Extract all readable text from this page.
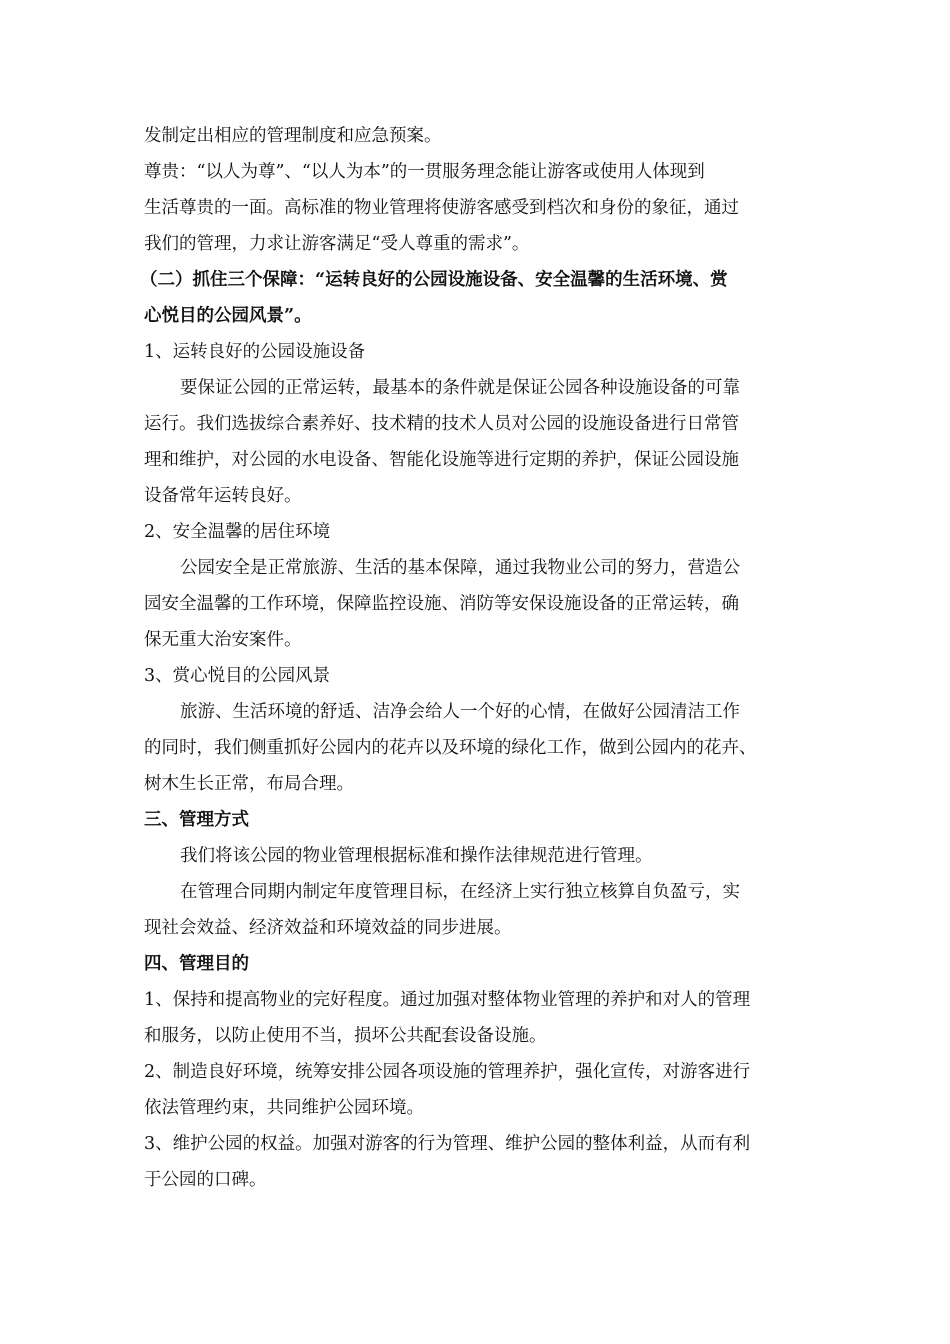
发制定出相应的管理制度和应急预案。
尊贵：“以人为尊”、“以人为本”的一贯服务理念能让游客或使用人体现到
生活尊贵的一面。高标准的物业管理将使游客感受到档次和身份的象征，通过
我们的管理，力求让游客满足“受人尊重的需求”。
（二）抓住三个保障：“运转良好的公园设施设备、安全温馨的生活环境、赏
心悦目的公园风景”。
1、运转良好的公园设施设备
要保证公园的正常运转，最基本的条件就是保证公园各种设施设备的可靠
运行。我们选拔综合素养好、技术精的技术人员对公园的设施设备进行日常管
理和维护，对公园的水电设备、智能化设施等进行定期的养护，保证公园设施
设备常年运转良好。
2、安全温馨的居住环境
公园安全是正常旅游、生活的基本保障，通过我物业公司的努力，营造公
园安全温馨的工作环境，保障监控设施、消防等安保设施设备的正常运转，确
保无重大治安案件。
3、赏心悦目的公园风景
旅游、生活环境的舒适、洁净会给人一个好的心情，在做好公园清洁工作
的同时，我们侧重抓好公园内的花卉以及环境的绿化工作，做到公园内的花卉、
树木生长正常，布局合理。
三、管理方式
我们将该公园的物业管理根据标准和操作法律规范进行管理。
在管理合同期内制定年度管理目标，在经济上实行独立核算自负盈亏，实
现社会效益、经济效益和环境效益的同步进展。
四、管理目的
1、保持和提高物业的完好程度。通过加强对整体物业管理的养护和对人的管理
和服务，以防止使用不当，损坏公共配套设备设施。
2、制造良好环境，统筹安排公园各项设施的管理养护，强化宣传，对游客进行
依法管理约束，共同维护公园环境。
3、维护公园的权益。加强对游客的行为管理、维护公园的整体利益，从而有利
于公园的口碑。
